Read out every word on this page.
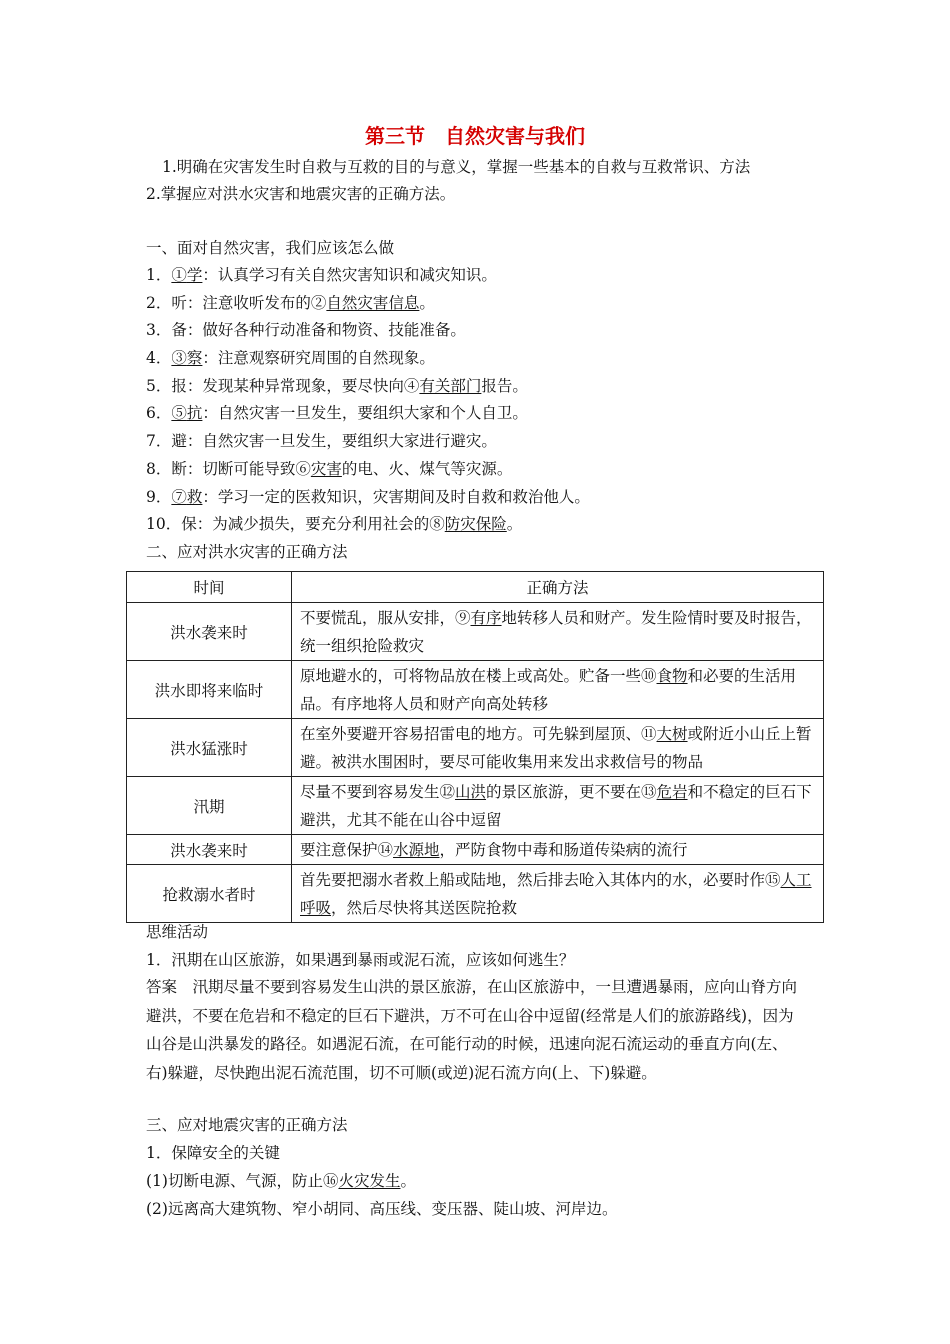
第三节　自然灾害与我们
1.明确在灾害发生时自救与互救的目的与意义，掌握一些基本的自救与互救常识、方法
2.掌握应对洪水灾害和地震灾害的正确方法。
一、面对自然灾害，我们应该怎么做
1．①学：认真学习有关自然灾害知识和减灾知识。
2．听：注意收听发布的②自然灾害信息。
3．备：做好各种行动准备和物资、技能准备。
4．③察：注意观察研究周围的自然现象。
5．报：发现某种异常现象，要尽快向④有关部门报告。
6．⑤抗：自然灾害一旦发生，要组织大家和个人自卫。
7．避：自然灾害一旦发生，要组织大家进行避灾。
8．断：切断可能导致⑥灾害的电、火、煤气等灾源。
9．⑦救：学习一定的医救知识，灾害期间及时自救和救治他人。
10．保：为减少损失，要充分利用社会的⑧防灾保险。
二、应对洪水灾害的正确方法
时间	正确方法
洪水袭来时	不要慌乱，服从安排，⑨有序地转移人员和财产。发生险情时要及时报告，统一组织抢险救灾
洪水即将来临时	原地避水的，可将物品放在楼上或高处。贮备一些⑩食物和必要的生活用品。有序地将人员和财产向高处转移
洪水猛涨时	在室外要避开容易招雷电的地方。可先躲到屋顶、⑪大树或附近小山丘上暂避。被洪水围困时，要尽可能收集用来发出求救信号的物品
汛期	尽量不要到容易发生⑫山洪的景区旅游，更不要在⑬危岩和不稳定的巨石下避洪，尤其不能在山谷中逗留
洪水袭来时	要注意保护⑭水源地，严防食物中毒和肠道传染病的流行
抢救溺水者时	首先要把溺水者救上船或陆地，然后排去呛入其体内的水，必要时作⑮人工呼吸，然后尽快将其送医院抢救
思维活动
1．汛期在山区旅游，如果遇到暴雨或泥石流，应该如何逃生？
答案　汛期尽量不要到容易发生山洪的景区旅游，在山区旅游中，一旦遭遇暴雨，应向山脊方向避洪，不要在危岩和不稳定的巨石下避洪，万不可在山谷中逗留(经常是人们的旅游路线)，因为山谷是山洪暴发的路径。如遇泥石流，在可能行动的时候，迅速向泥石流运动的垂直方向(左、右)躲避，尽快跑出泥石流范围，切不可顺(或逆)泥石流方向(上、下)躲避。
三、应对地震灾害的正确方法
1．保障安全的关键
(1)切断电源、气源，防止⑯火灾发生。
(2)远离高大建筑物、窄小胡同、高压线、变压器、陡山坡、河岸边。
